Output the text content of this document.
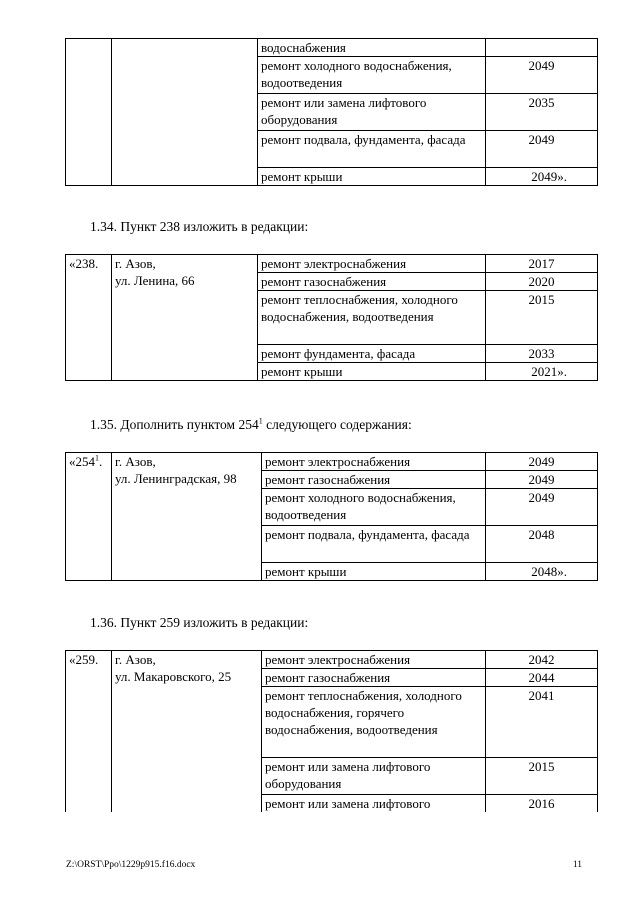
		водоснабжения	
		ремонт холодного водоснабжения, водоотведения	2049
		ремонт или замена лифтового оборудования	2035
		ремонт подвала, фундамента, фасада	2049
		ремонт крыши	2049».
1.34. Пункт 238 изложить в редакции:
«238.	г. Азов,
ул. Ленина, 66	ремонт электроснабжения	2017
		ремонт газоснабжения	2020
		ремонт теплоснабжения, холодного водоснабжения, водоотведения	2015
		ремонт фундамента, фасада	2033
		ремонт крыши	2021».
1.35. Дополнить пунктом $254^1$ следующего содержания:
«$254^1$.	г. Азов,
ул. Ленинградская, 98	ремонт электроснабжения	2049
		ремонт газоснабжения	2049
		ремонт холодного водоснабжения, водоотведения	2049
		ремонт подвала, фундамента, фасада	2048
		ремонт крыши	2048».
1.36. Пункт 259 изложить в редакции:
«259.	г. Азов,
ул. Макаровского, 25	ремонт электроснабжения	2042
		ремонт газоснабжения	2044
		ремонт теплоснабжения, холодного водоснабжения, горячего водоснабжения, водоотведения	2041
		ремонт или замена лифтового оборудования	2015
		ремонт или замена лифтового	2016
Z:\ORST\Ppo\1229p915.f16.docx	11
